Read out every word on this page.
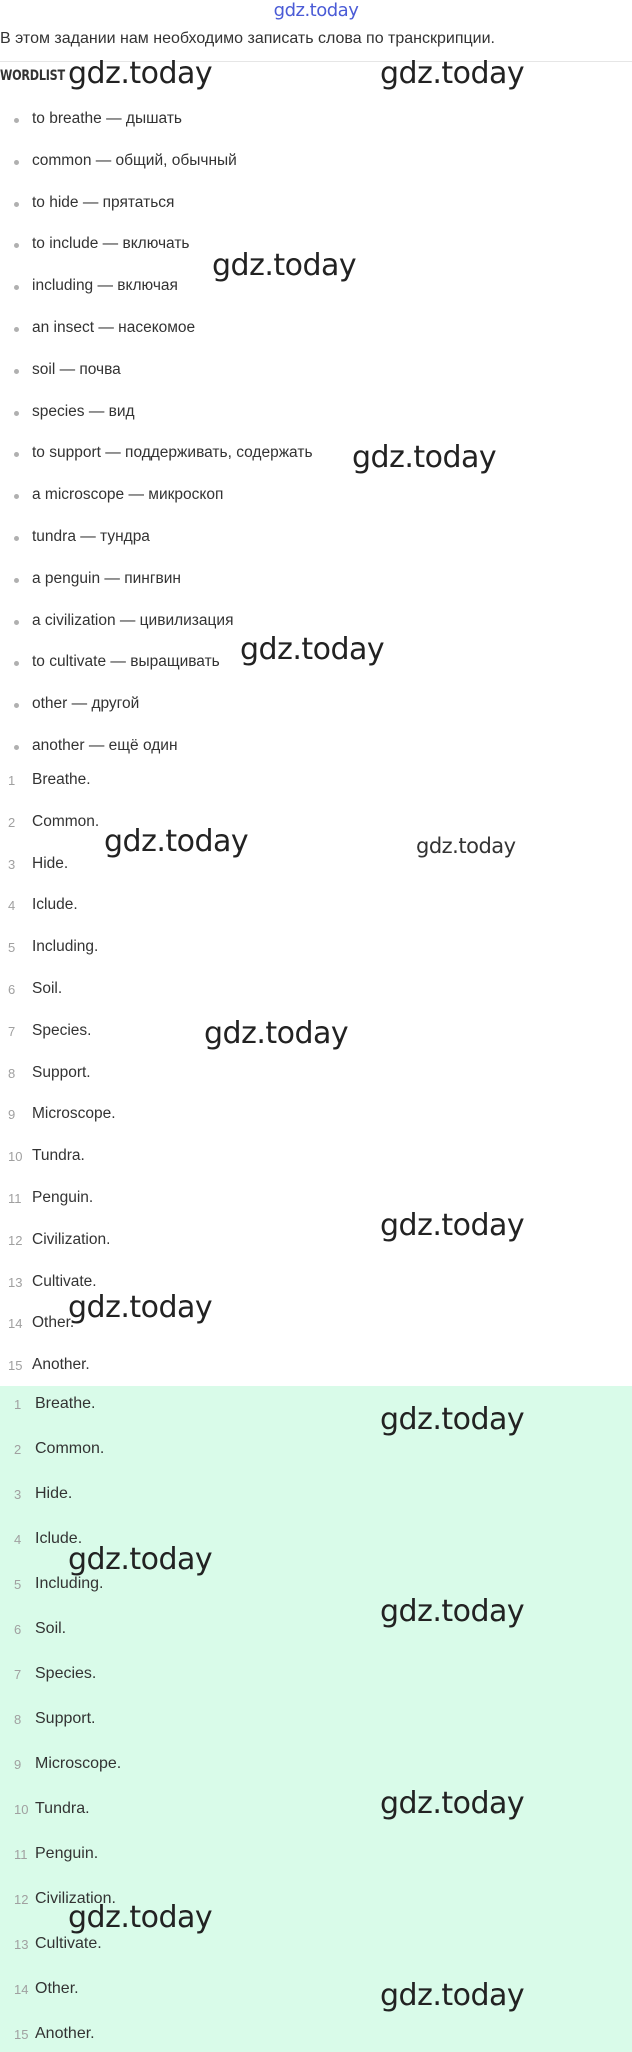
gdz.today
В этом задании нам необходимо записать слова по транскрипции.
WORDLIST
to breathe — дышать
common — общий, обычный
to hide — прятаться
to include — включать
including — включая
an insect — насекомое
soil — почва
species — вид
to support — поддерживать, содержать
a microscope — микроскоп
tundra — тундра
a penguin — пингвин
a civilization — цивилизация
to cultivate — выращивать
other — другой
another — ещё один
1	Breathe.
2	Common.
3	Hide.
4	Iclude.
5	Including.
6	Soil.
7	Species.
8	Support.
9	Microscope.
10 Tundra.
11 Penguin.
12 Civilization.
13 Cultivate.
14 Other.
15 Another.
1 Breathe.
2 Common.
3 Hide.
4 Iclude.
5 Including.
6 Soil.
7 Species.
8 Support.
9 Microscope.
10 Tundra.
11 Penguin.
12 Civilization.
13 Cultivate.
14 Other.
15 Another.
gdz.today	gdz.today
gdz.today
gdz.today
gdz.today
gdz.today	gdz.today
gdz.today
gdz.today
gdz.today
gdz.today
gdz.today
gdz.today
gdz.today
gdz.today
gdz.today
